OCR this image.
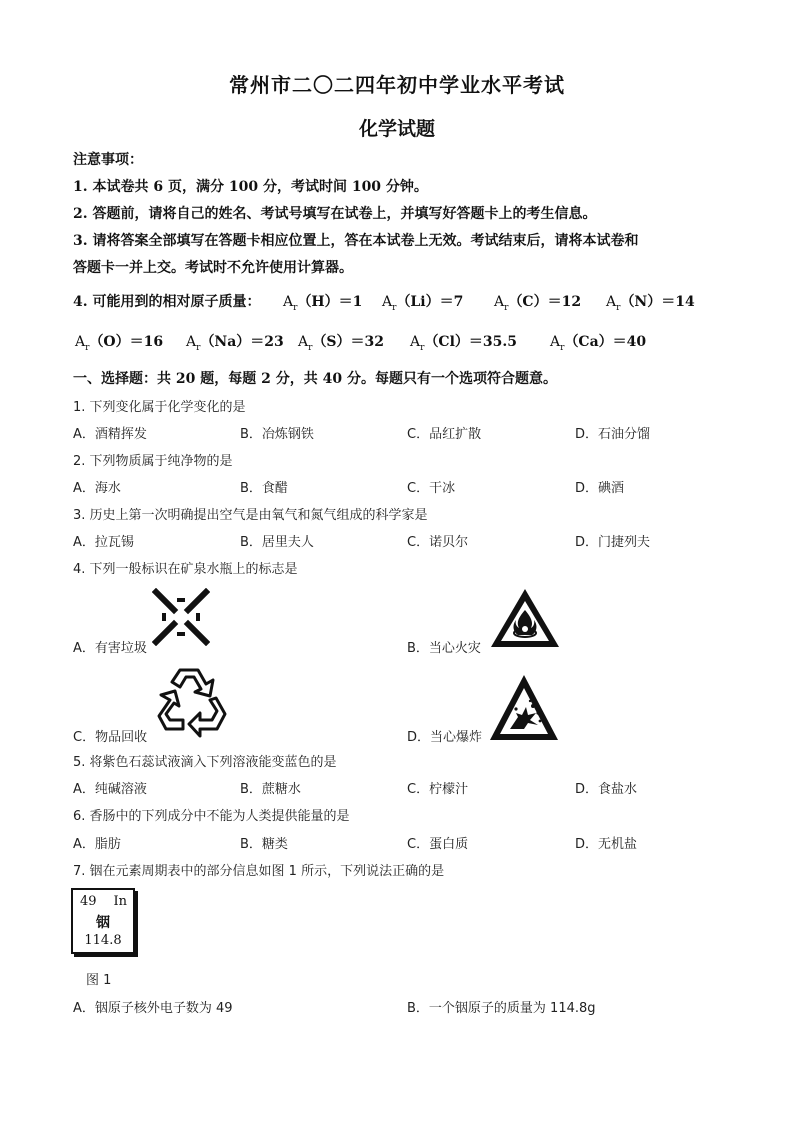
常州市二〇二四年初中学业水平考试
化学试题
注意事项：
1. 本试卷共 6 页，满分 100 分，考试时间 100 分钟。
2. 答题前，请将自己的姓名、考试号填写在试卷上，并填写好答题卡上的考生信息。
3. 请将答案全部填写在答题卡相应位置上，答在本试卷上无效。考试结束后，请将本试卷和
答题卡一并上交。考试时不允许使用计算器。
4. 可能用到的相对原子质量： $A_r(H)=1$ $A_r(Li)=7$ $A_r(C)=12$ $A_r(N)=14$
$A_r(O)=16$ $A_r(Na)=23$ $A_r(S)=32$ $A_r(Cl)=35.5$ $A_r(Ca)=40$
一、选择题：共 20 题，每题 2 分，共 40 分。每题只有一个选项符合题意。
1. 下列变化属于化学变化的是
A．酒精挥发	B．冶炼钢铁	C．品红扩散	D．石油分馏
2. 下列物质属于纯净物的是
A．海水	B．食醋	C．干冰	D．碘酒
3. 历史上第一次明确提出空气是由氧气和氮气组成的科学家是
A．拉瓦锡	B．居里夫人	C．诺贝尔	D．门捷列夫
4. 下列一般标识在矿泉水瓶上的标志是
A．有害垃圾	B．当心火灾
C．物品回收	D．当心爆炸
5. 将紫色石蕊试液滴入下列溶液能变蓝色的是
A．纯碱溶液	B．蔗糖水	C．柠檬汁	D．食盐水
6. 香肠中的下列成分中不能为人类提供能量的是
A．脂肪	B．糖类	C．蛋白质	D．无机盐
7. 铟在元素周期表中的部分信息如图 1 所示，下列说法正确的是
49 In
铟
114.8
图 1
A．铟原子核外电子数为 49	B．一个铟原子的质量为 114.8g
